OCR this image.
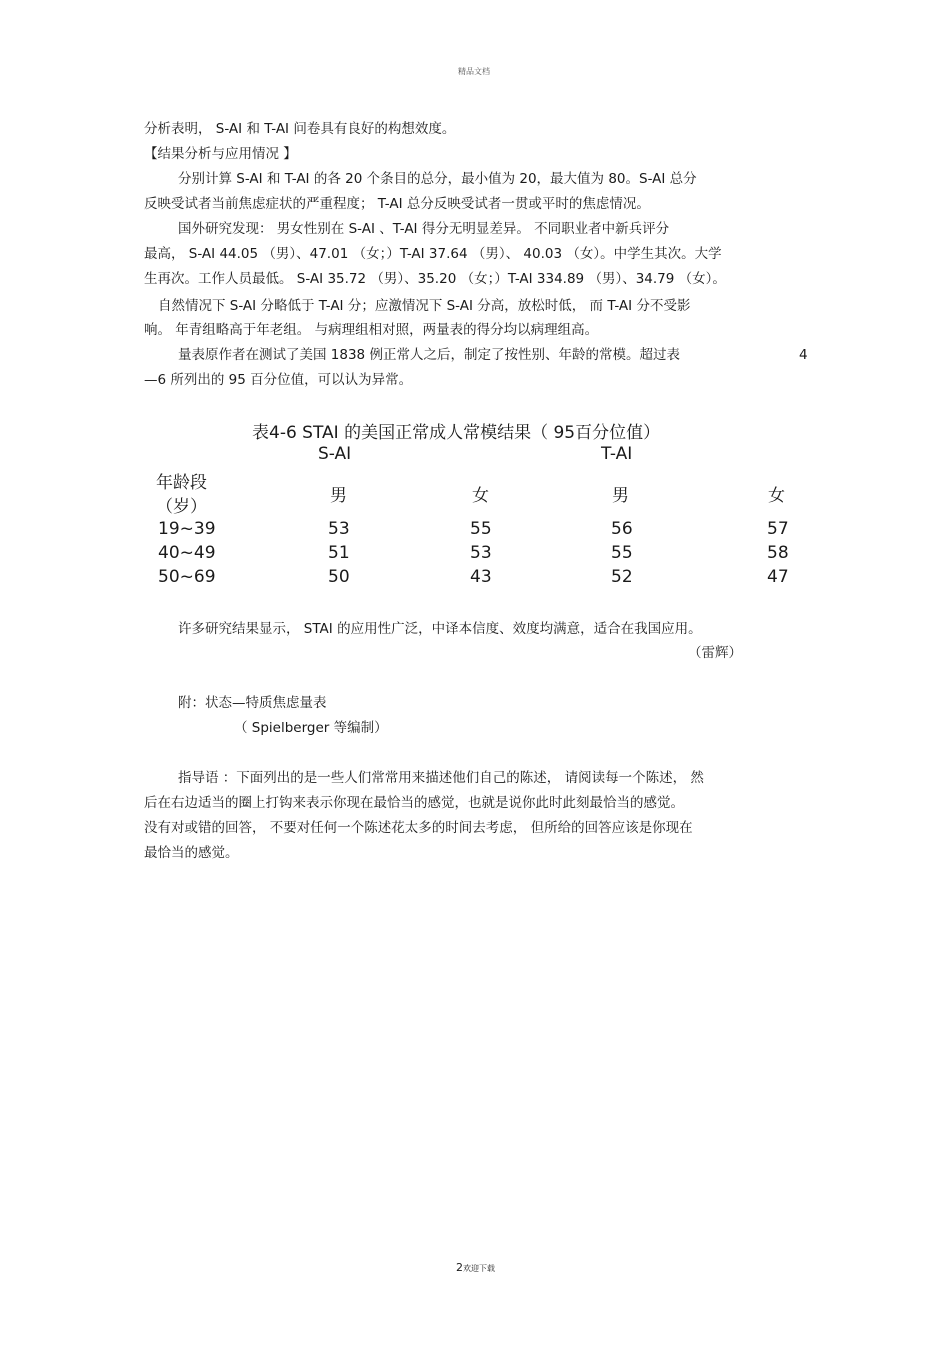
精品文档
分析表明， S-AI 和 T-AI 问卷具有良好的构想效度。
【结果分析与应用情况 】
分别计算 S-AI 和 T-AI 的各 20 个条目的总分，最小值为 20，最大值为 80。S-AI 总分
反映受试者当前焦虑症状的严重程度； T-AI 总分反映受试者一贯或平时的焦虑情况。
国外研究发现： 男女性别在 S-AI 、T-AI 得分无明显差异。 不同职业者中新兵评分
最高， S-AI 44.05 （男）、47.01 （女；）T-AI 37.64 （男）、 40.03 （女）。中学生其次。大学
生再次。工作人员最低。 S-AI 35.72 （男）、35.20 （女；）T-AI 334.89 （男）、34.79 （女）。
自然情况下 S-AI 分略低于 T-AI 分；应激情况下 S-AI 分高，放松时低， 而 T-AI 分不受影
响。 年青组略高于年老组。 与病理组相对照，两量表的得分均以病理组高。
量表原作者在测试了美国 1838 例正常人之后，制定了按性别、年龄的常模。超过表	4
—6 所列出的 95 百分位值，可以认为异常。
表4-6 STAI 的美国正常成人常模结果（ 95百分位值）
S-AI	T-AI
年龄段
（岁）
男	女	男	女
19~39	53	55	56	57
40~49	51	53	55	58
50~69	50	43	52	47
许多研究结果显示， STAI 的应用性广泛，中译本信度、效度均满意，适合在我国应用。
（雷辉）
附：状态—特质焦虑量表
（ Spielberger 等编制）
指导语 ：下面列出的是一些人们常常用来描述他们自己的陈述， 请阅读每一个陈述， 然
后在右边适当的圈上打钩来表示你现在最恰当的感觉，也就是说你此时此刻最恰当的感觉。
没有对或错的回答， 不要对任何一个陈述花太多的时间去考虑， 但所给的回答应该是你现在
最恰当的感觉。
2欢迎下载
